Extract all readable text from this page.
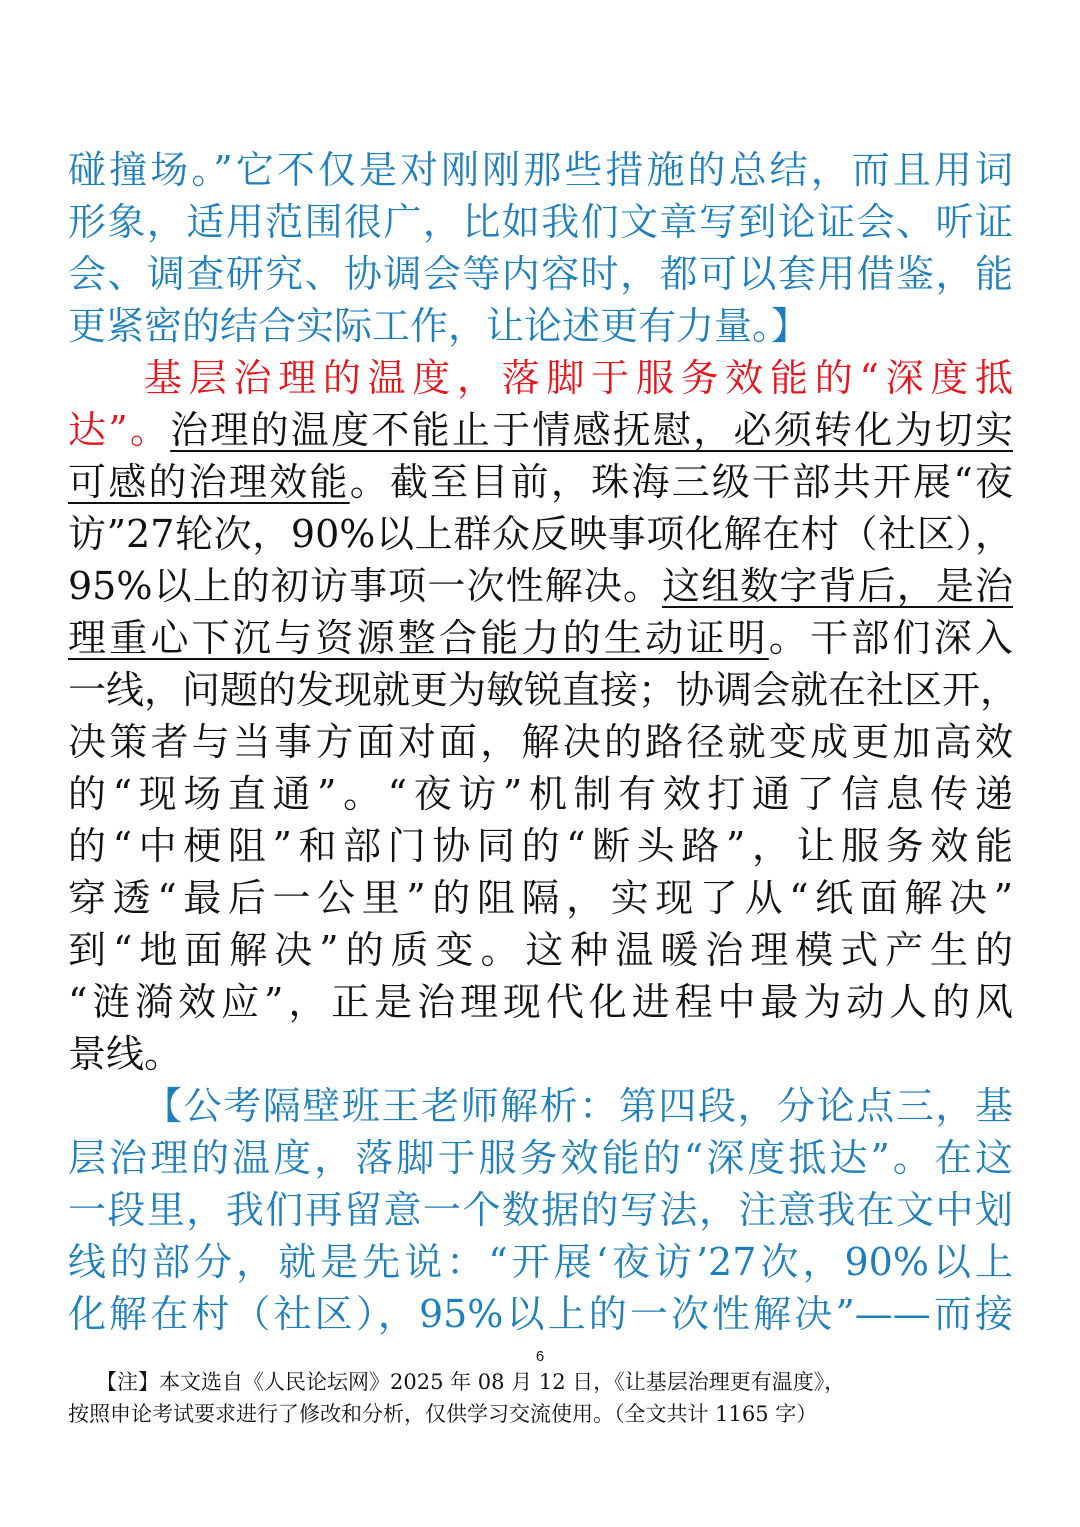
碰撞场。”它不仅是对刚刚那些措施的总结，而且用词
形象，适用范围很广，比如我们文章写到论证会、听证
会、调查研究、协调会等内容时，都可以套用借鉴，能
更紧密的结合实际工作，让论述更有力量。】
基层治理的温度，落脚于服务效能的“深度抵
达”。治理的温度不能止于情感抚慰，必须转化为切实
可感的治理效能。截至目前，珠海三级干部共开展“夜
访”27轮次，90%以上群众反映事项化解在村（社区），
95%以上的初访事项一次性解决。这组数字背后，是治
理重心下沉与资源整合能力的生动证明。干部们深入
一线，问题的发现就更为敏锐直接；协调会就在社区开，
决策者与当事方面对面，解决的路径就变成更加高效
的“现场直通”。“夜访”机制有效打通了信息传递
的“中梗阻”和部门协同的“断头路”，让服务效能
穿透“最后一公里”的阻隔，实现了从“纸面解决”
到“地面解决”的质变。这种温暖治理模式产生的
“涟漪效应”，正是治理现代化进程中最为动人的风
景线。
【公考隔壁班王老师解析：第四段，分论点三，基
层治理的温度，落脚于服务效能的“深度抵达”。在这
一段里，我们再留意一个数据的写法，注意我在文中划
线的部分，就是先说：“开展‘夜访’27次，90%以上
化解在村（社区），95%以上的一次性解决”——而接
6
【注】本文选自《人民论坛网》2025 年 08 月 12 日，《让基层治理更有温度》，
按照申论考试要求进行了修改和分析，仅供学习交流使用。（全文共计 1165 字）
